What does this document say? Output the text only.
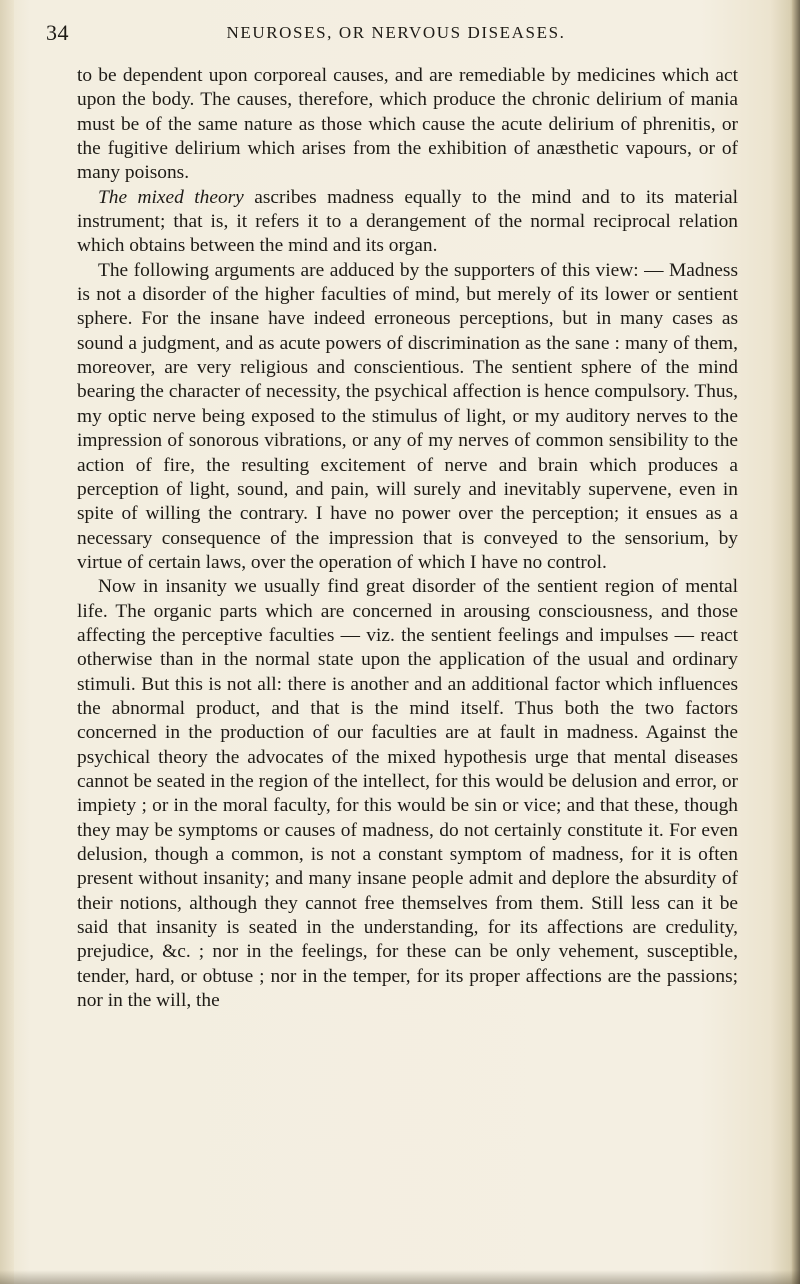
34	NEUROSES, OR NERVOUS DISEASES.

to be dependent upon corporeal causes, and are remediable by medicines which act upon the body. The causes, therefore, which produce the chronic delirium of mania must be of the same nature as those which cause the acute delirium of phrenitis, or the fugitive delirium which arises from the exhibition of anæsthetic vapours, or of many poisons.

The mixed theory ascribes madness equally to the mind and to its material instrument; that is, it refers it to a derangement of the normal reciprocal relation which obtains between the mind and its organ.

The following arguments are adduced by the supporters of this view: — Madness is not a disorder of the higher faculties of mind, but merely of its lower or sentient sphere. For the insane have indeed erroneous perceptions, but in many cases as sound a judgment, and as acute powers of discrimination as the sane : many of them, moreover, are very religious and conscientious. The sentient sphere of the mind bearing the character of necessity, the psychical affection is hence compulsory. Thus, my optic nerve being exposed to the stimulus of light, or my auditory nerves to the impression of sonorous vibrations, or any of my nerves of common sensibility to the action of fire, the resulting excitement of nerve and brain which produces a perception of light, sound, and pain, will surely and inevitably supervene, even in spite of willing the contrary. I have no power over the perception; it ensues as a necessary consequence of the impression that is conveyed to the sensorium, by virtue of certain laws, over the operation of which I have no control.

Now in insanity we usually find great disorder of the sentient region of mental life. The organic parts which are concerned in arousing consciousness, and those affecting the perceptive faculties — viz. the sentient feelings and impulses — react otherwise than in the normal state upon the application of the usual and ordinary stimuli. But this is not all: there is another and an additional factor which influences the abnormal product, and that is the mind itself. Thus both the two factors concerned in the production of our faculties are at fault in madness. Against the psychical theory the advocates of the mixed hypothesis urge that mental diseases cannot be seated in the region of the intellect, for this would be delusion and error, or impiety ; or in the moral faculty, for this would be sin or vice; and that these, though they may be symptoms or causes of madness, do not certainly constitute it. For even delusion, though a common, is not a constant symptom of madness, for it is often present without insanity; and many insane people admit and deplore the absurdity of their notions, although they cannot free themselves from them. Still less can it be said that insanity is seated in the understanding, for its affections are credulity, prejudice, &c. ; nor in the feelings, for these can be only vehement, susceptible, tender, hard, or obtuse ; nor in the temper, for its proper affections are the passions; nor in the will, the
